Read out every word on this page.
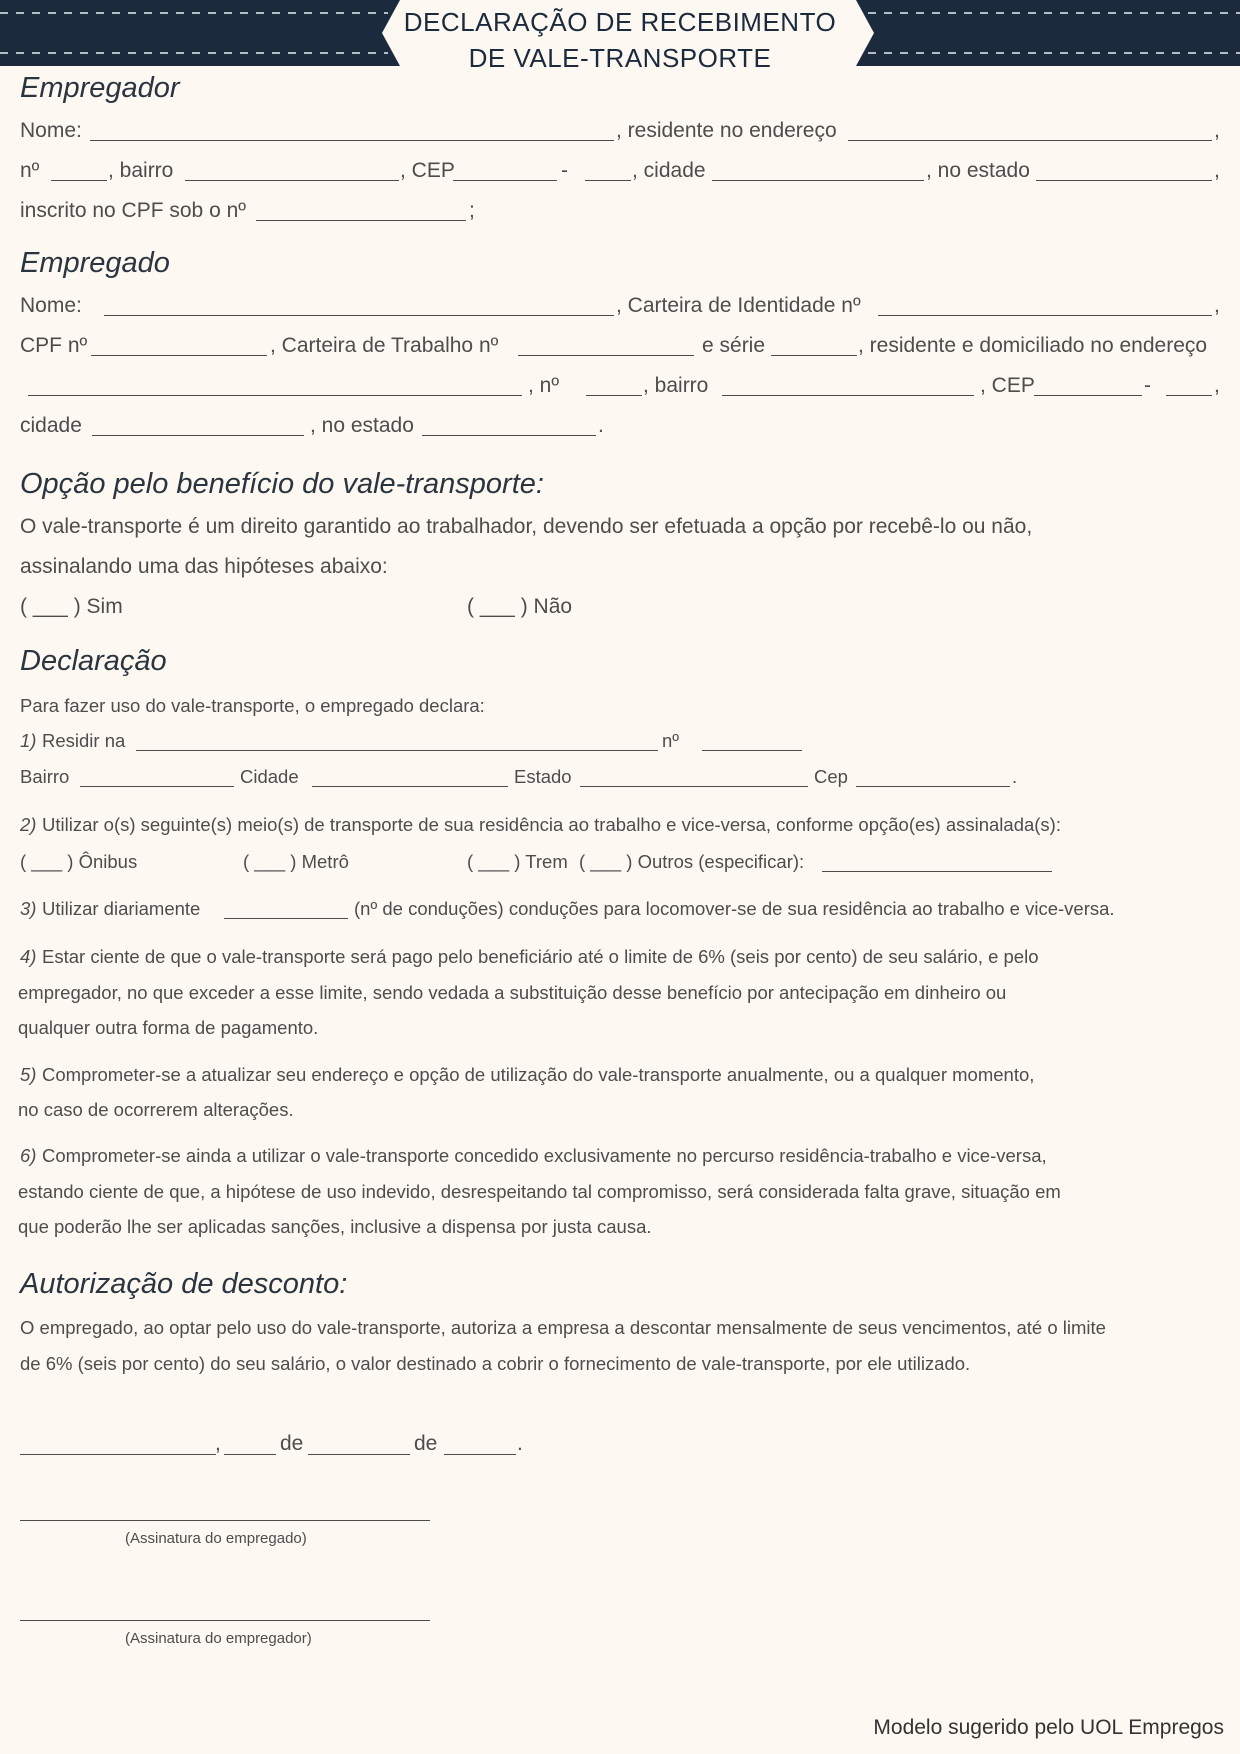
DECLARAÇÃO DE RECEBIMENTO
DE VALE-TRANSPORTE
Empregador
Nome:	, residente no endereço	,
nº	, bairro	, CEP	-	, cidade	, no estado	,
inscrito no CPF sob o nº	;
Empregado
Nome:	, Carteira de Identidade nº	,
CPF nº	, Carteira de Trabalho nº	e série	, residente e domiciliado no endereço
, nº	, bairro	, CEP	-	,
cidade	, no estado	.
Opção pelo benefício do vale-transporte:
O vale-transporte é um direito garantido ao trabalhador, devendo ser efetuada a opção por recebê-lo ou não,
assinalando uma das hipóteses abaixo:
( ___ ) Sim	( ___ ) Não
Declaração
Para fazer uso do vale-transporte, o empregado declara:
1) Residir na	nº
Bairro	Cidade	Estado	Cep	.
2) Utilizar o(s) seguinte(s) meio(s) de transporte de sua residência ao trabalho e vice-versa, conforme opção(es) assinalada(s):
( ___ ) Ônibus	( ___ ) Metrô	( ___ ) Trem ( ___ ) Outros (especificar):
3) Utilizar diariamente	(nº de conduções) conduções para locomover-se de sua residência ao trabalho e vice-versa.
4) Estar ciente de que o vale-transporte será pago pelo beneficiário até o limite de 6% (seis por cento) de seu salário, e pelo
empregador, no que exceder a esse limite, sendo vedada a substituição desse benefício por antecipação em dinheiro ou
qualquer outra forma de pagamento.
5) Comprometer-se a atualizar seu endereço e opção de utilização do vale-transporte anualmente, ou a qualquer momento,
no caso de ocorrerem alterações.
6) Comprometer-se ainda a utilizar o vale-transporte concedido exclusivamente no percurso residência-trabalho e vice-versa,
estando ciente de que, a hipótese de uso indevido, desrespeitando tal compromisso, será considerada falta grave, situação em
que poderão lhe ser aplicadas sanções, inclusive a dispensa por justa causa.
Autorização de desconto:
O empregado, ao optar pelo uso do vale-transporte, autoriza a empresa a descontar mensalmente de seus vencimentos, até o limite
de 6% (seis por cento) do seu salário, o valor destinado a cobrir o fornecimento de vale-transporte, por ele utilizado.
,	de	de	.
(Assinatura do empregado)
(Assinatura do empregador)
Modelo sugerido pelo UOL Empregos
